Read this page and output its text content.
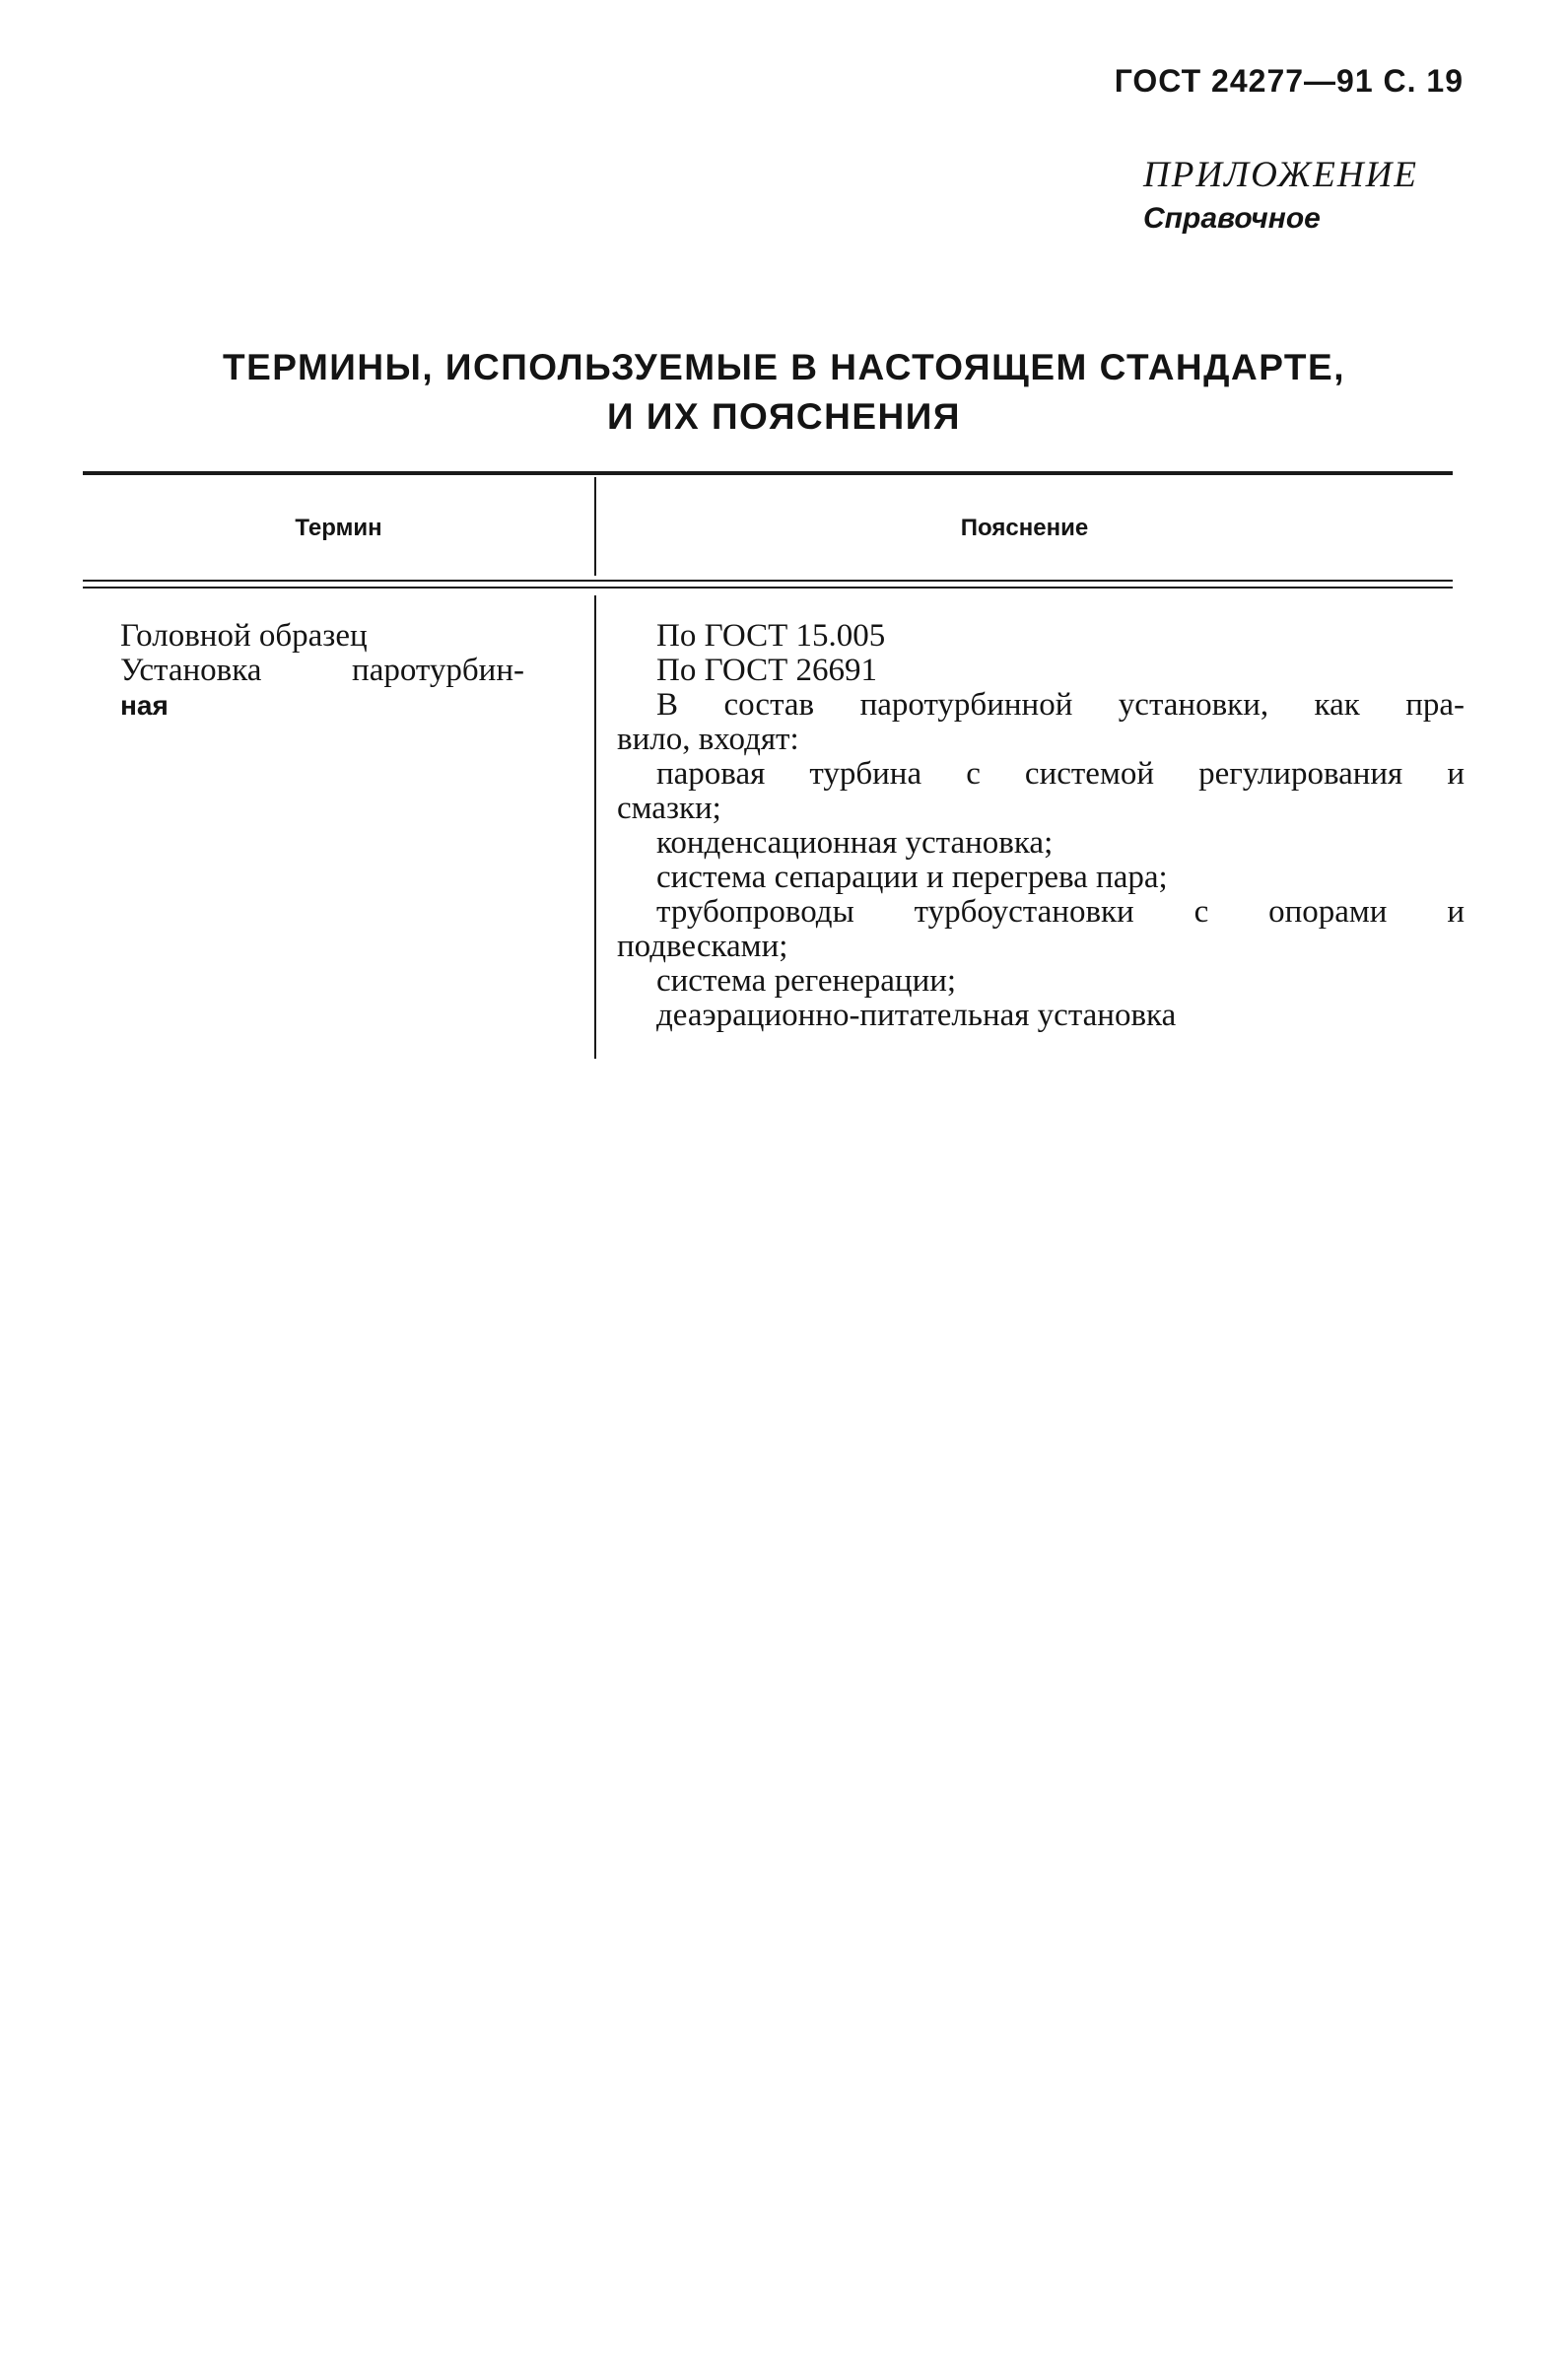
ГОСТ 24277—91 С. 19

ПРИЛОЖЕНИЕ
Справочное
ТЕРМИНЫ, ИСПОЛЬЗУЕМЫЕ В НАСТОЯЩЕМ СТАНДАРТЕ,
И ИХ ПОЯСНЕНИЯ
Термин	Пояснение
Головной образец
Установка паротурбин-
ная
По ГОСТ 15.005
По ГОСТ 26691
В состав паротурбинной установки, как пра-
вило, входят:
паровая турбина с системой регулирования и
смазки;
конденсационная установка;
система сепарации и перегрева пара;
трубопроводы турбоустановки с опорами и
подвесками;
система регенерации;
деаэрационно-питательная установка
